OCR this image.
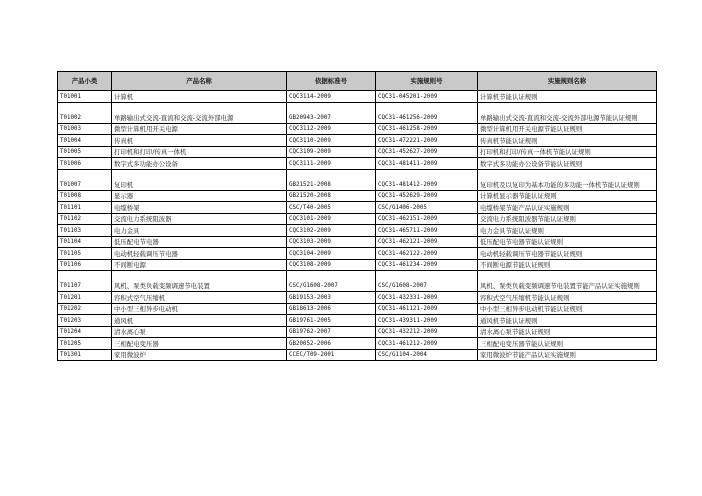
产品小类	产品名称	依据标准号	实施规则号	实施规则名称
T01001	计算机	CQC3114-2009	CQC31-045201-2009	计算机节能认证规则
T01002	单路输出式交流-直流和交流-交流外部电源	GB20943-2007	CQC31-461256-2009	单路输出式交流-直流和交流-交流外部电源节能认证规则
T01003	微型计算机用开关电源	CQC3112-2009	CQC31-461258-2009	微型计算机用开关电源节能认证规则
T01004	传真机	CQC3110-2009	CQC31-472221-2009	传真机节能认证规则
T01005	打印机和打印/传真一体机	CQC3109-2009	CQC31-452627-2009	打印机和打印/传真一体机节能认证规则
T01006	数字式多功能办公设备	CQC3111-2009	CQC31-481411-2009	数字式多功能办公设备节能认证规则
T01007	复印机	GB21521-2008	CQC31-481412-2009	复印机及以复印为基本功能的多功能一体机节能认证规则
T01008	显示器	GB21520-2008	CQC31-452629-2009	计算机显示器节能认证规则
T01101	电缆桥架	CSC/T40-2005	CSC/G1406-2005	电缆桥架节能产品认证实施规则
T01102	交流电力系统阻波器	CQC3101-2009	CQC31-462151-2009	交流电力系统阻波器节能认证规则
T01103	电力金具	CQC3102-2009	CQC31-465711-2009	电力金具节能认证规则
T01104	低压配电节电器	CQC3103-2009	CQC31-462121-2009	低压配电节电器节能认证规则
T01105	电动机轻载调压节电器	CQC3104-2009	CQC31-462122-2009	电动机轻载调压节电器节能认证规则
T01106	不间断电源	CQC3108-2009	CQC31-461234-2009	不间断电源节能认证规则
T01107	风机、泵类负载变频调速节电装置	CSC/G1608-2007	CSC/G1608-2007	风机、泵类负载变频调速节电装置节能产品认证实施规则
T01201	容积式空气压缩机	GB19153-2003	CQC31-432331-2009	容积式空气压缩机节能认证规则
T01202	中小型三相异步电动机	GB18613-2006	CQC31-461121-2009	中小型三相异步电动机节能认证规则
T01203	通风机	GB19761-2005	CQC31-439311-2009	通风机节能认证规则
T01204	清水离心泵	GB19762-2007	CQC31-432212-2009	清水离心泵节能认证规则
T01205	三相配电变压器	GB20052-2006	CQC31-461212-2009	三相配电变压器节能认证规则
T01301	家用微波炉	CCEC/T09-2001	CSC/G1104-2004	家用微波炉节能产品认证实施规则
